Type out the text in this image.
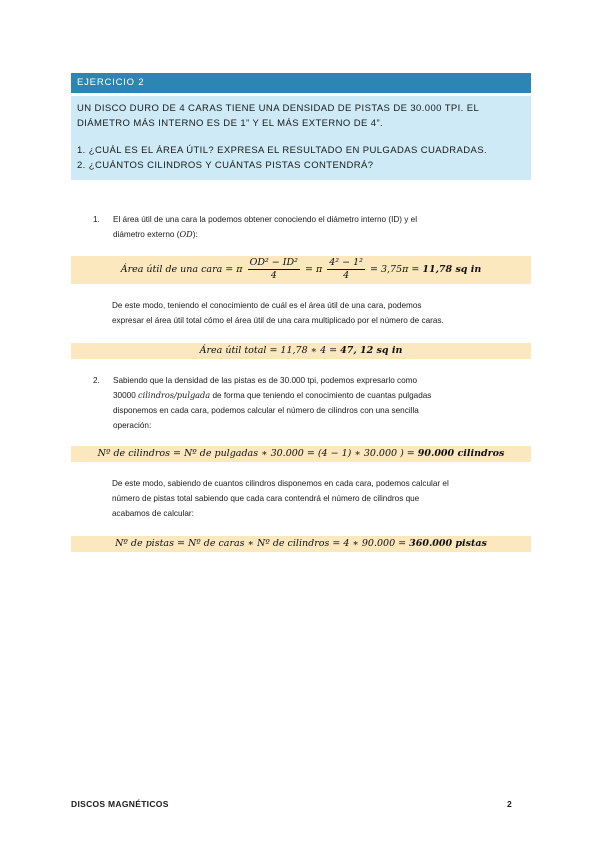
EJERCICIO 2
UN DISCO DURO DE 4 CARAS TIENE UNA DENSIDAD DE PISTAS DE 30.000 TPI. EL
DIÁMETRO MÁS INTERNO ES DE 1” Y EL MÁS EXTERNO DE 4”.
1. ¿CUÁL ES EL ÁREA ÚTIL? EXPRESA EL RESULTADO EN PULGADAS CUADRADAS.
2. ¿CUÁNTOS CILINDROS Y CUÁNTAS PISTAS CONTENDRÁ?
1. El área útil de una cara la podemos obtener conociendo el diámetro interno (ID) y el
diámetro externo (OD):
Área útil de una cara = π $\frac{\text{OD² − ID²}}{4} = \pi \frac{\text{4² − 1²}}{4} = 3,75\pi = 11,78$ sq in
De este modo, teniendo el conocimiento de cuál es el área útil de una cara, podemos
expresar el área útil total cómo el área útil de una cara multiplicado por el número de caras.
Área útil total = 11,78 ∗ 4 = 47, 12 sq in
2. Sabiendo que la densidad de las pistas es de 30.000 tpi, podemos expresarlo como
30000 cilindros/pulgada de forma que teniendo el conocimiento de cuantas pulgadas
disponemos en cada cara, podemos calcular el número de cilindros con una sencilla
operación:
Nº de cilindros = Nº de pulgadas ∗ 30.000 = (4 − 1) ∗ 30.000 ) = 90.000 cilindros
De este modo, sabiendo de cuantos cilindros disponemos en cada cara, podemos calcular el
número de pistas total sabiendo que cada cara contendrá el número de cilindros que
acabamos de calcular:
Nº de pistas = Nº de caras ∗ Nº de cilindros = 4 ∗ 90.000 = 360.000 pistas
DISCOS MAGNÉTICOS	2
